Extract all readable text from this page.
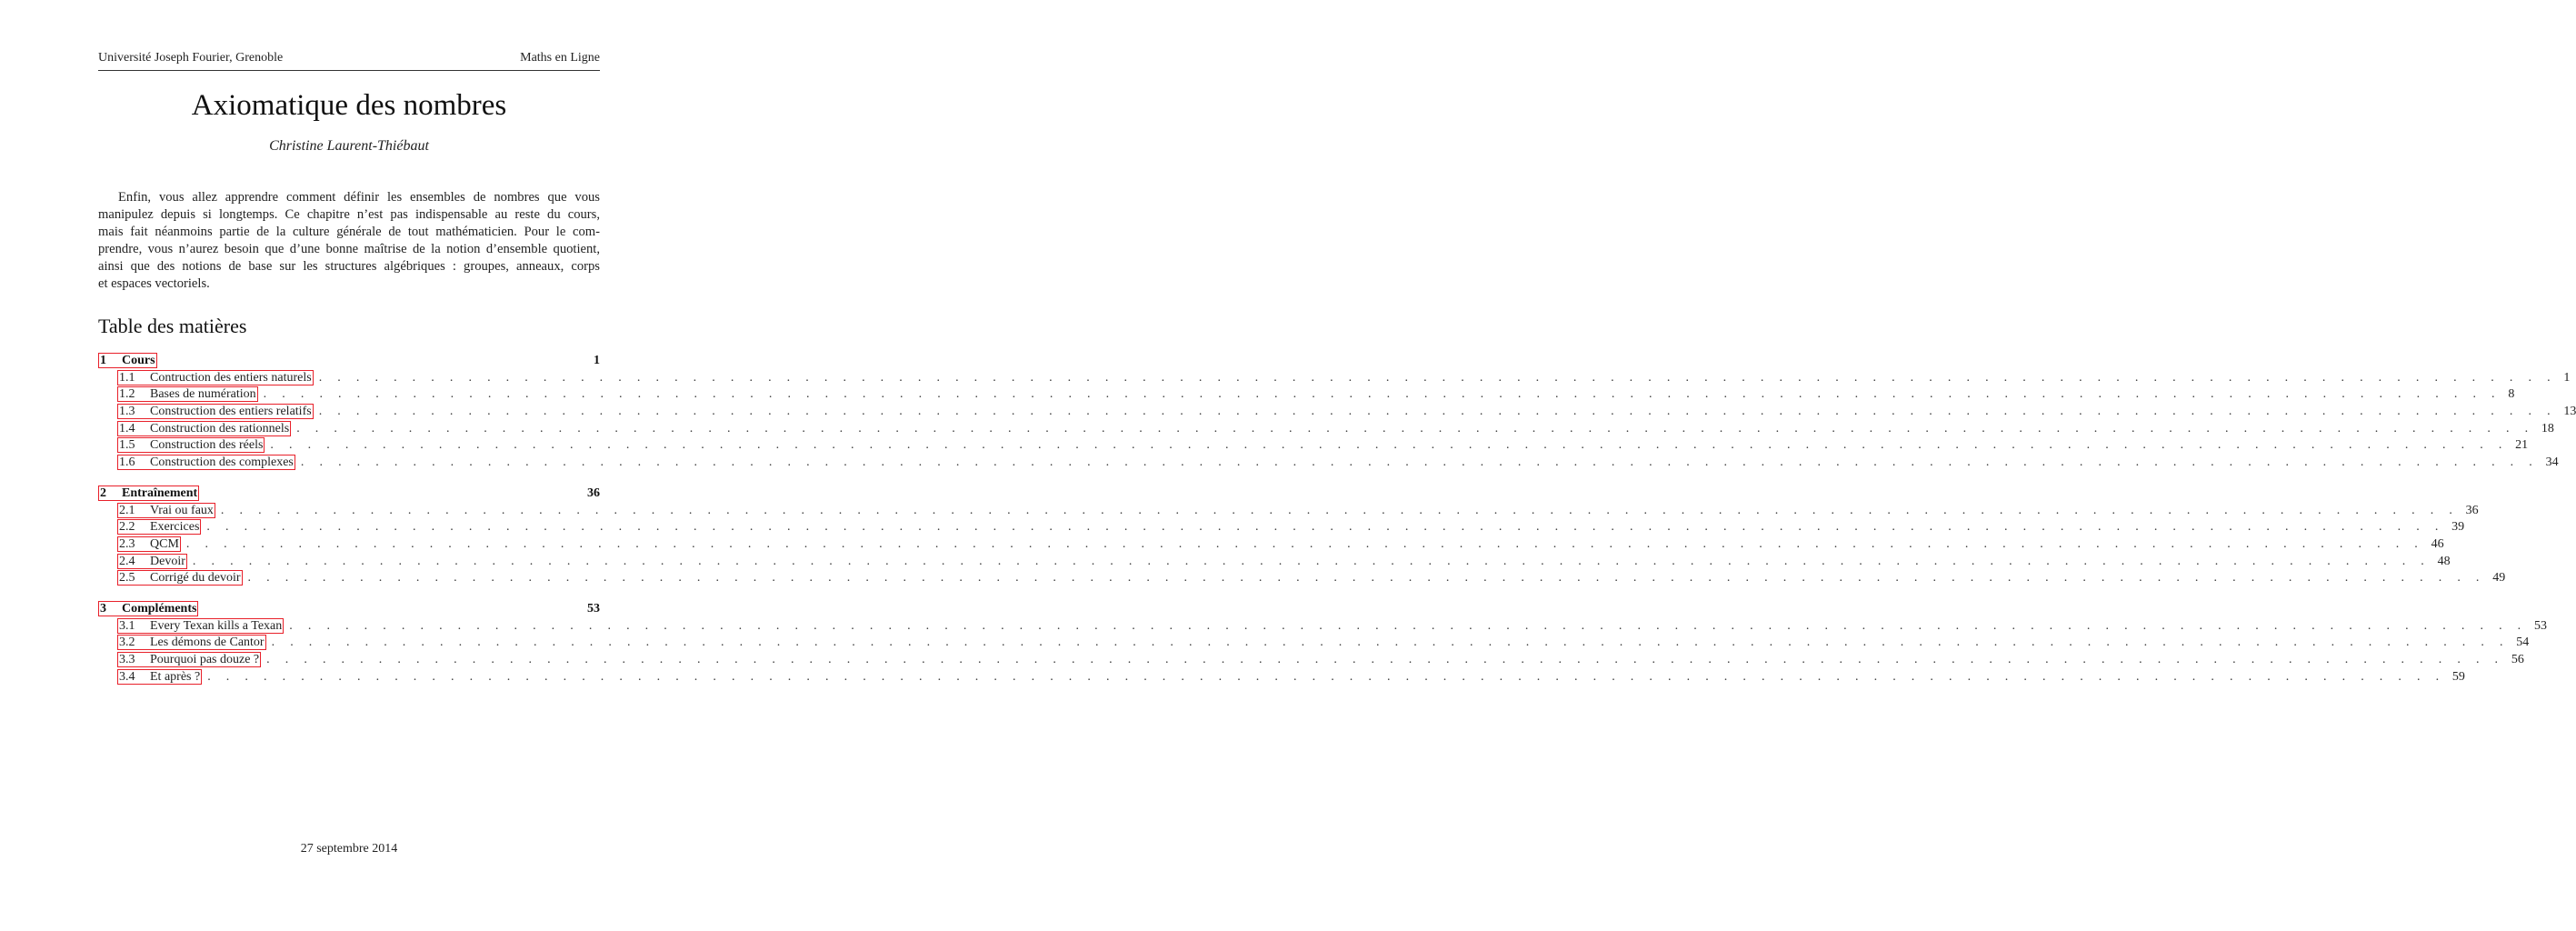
Université Joseph Fourier, Grenoble	Maths en Ligne
Axiomatique des nombres
Christine Laurent-Thiébaut
Enfin, vous allez apprendre comment définir les ensembles de nombres que vous
manipulez depuis si longtemps. Ce chapitre n’est pas indispensable au reste du cours,
mais fait néanmoins partie de la culture générale de tout mathématicien. Pour le com-
prendre, vous n’aurez besoin que d’une bonne maîtrise de la notion d’ensemble quotient,
ainsi que des notions de base sur les structures algébriques : groupes, anneaux, corps
et espaces vectoriels.
Table des matières
1	Cours	1
1.1	Contruction des entiers naturels . . . . . . . . . . . . . . . . . . . . . . . . . . . . . . . . . . . . . . . . . . . . . . . . . . . . . . . . . . . . . . . . . . . . . . . . . . . . . . . . . . . . . . . . . . . . . . . . . . . . . . . . . . . . . . . . . . . . . . . . 1
1.2	Bases de numération . . . . . . . . . . . . . . . . . . . . . . . . . . . . . . . . . . . . . . . . . . . . . . . . . . . . . . . . . . . . . . . . . . . . . . . . . . . . . . . . . . . . . . . . . . . . . . . . . . . . . . . . . . . . . . . . . . . . . . . . 8
1.3	Construction des entiers relatifs . . . . . . . . . . . . . . . . . . . . . . . . . . . . . . . . . . . . . . . . . . . . . . . . . . . . . . . . . . . . . . . . . . . . . . . . . . . . . . . . . . . . . . . . . . . . . . . . . . . . . . . . . . . . . . . . . . . . . . . . 13
1.4	Construction des rationnels . . . . . . . . . . . . . . . . . . . . . . . . . . . . . . . . . . . . . . . . . . . . . . . . . . . . . . . . . . . . . . . . . . . . . . . . . . . . . . . . . . . . . . . . . . . . . . . . . . . . . . . . . . . . . . . . . . . . . . . . 18
1.5	Construction des réels . . . . . . . . . . . . . . . . . . . . . . . . . . . . . . . . . . . . . . . . . . . . . . . . . . . . . . . . . . . . . . . . . . . . . . . . . . . . . . . . . . . . . . . . . . . . . . . . . . . . . . . . . . . . . . . . . . . . . . . . 21
1.6	Construction des complexes . . . . . . . . . . . . . . . . . . . . . . . . . . . . . . . . . . . . . . . . . . . . . . . . . . . . . . . . . . . . . . . . . . . . . . . . . . . . . . . . . . . . . . . . . . . . . . . . . . . . . . . . . . . . . . . . . . . . . . . . 34
2	Entraînement	36
2.1	Vrai ou faux . . . . . . . . . . . . . . . . . . . . . . . . . . . . . . . . . . . . . . . . . . . . . . . . . . . . . . . . . . . . . . . . . . . . . . . . . . . . . . . . . . . . . . . . . . . . . . . . . . . . . . . . . . . . . . . . . . . . . . . . 36
2.2	Exercices . . . . . . . . . . . . . . . . . . . . . . . . . . . . . . . . . . . . . . . . . . . . . . . . . . . . . . . . . . . . . . . . . . . . . . . . . . . . . . . . . . . . . . . . . . . . . . . . . . . . . . . . . . . . . . . . . . . . . . . . 39
2.3	QCM . . . . . . . . . . . . . . . . . . . . . . . . . . . . . . . . . . . . . . . . . . . . . . . . . . . . . . . . . . . . . . . . . . . . . . . . . . . . . . . . . . . . . . . . . . . . . . . . . . . . . . . . . . . . . . . . . . . . . . . . 46
2.4	Devoir . . . . . . . . . . . . . . . . . . . . . . . . . . . . . . . . . . . . . . . . . . . . . . . . . . . . . . . . . . . . . . . . . . . . . . . . . . . . . . . . . . . . . . . . . . . . . . . . . . . . . . . . . . . . . . . . . . . . . . . . 48
2.5	Corrigé du devoir . . . . . . . . . . . . . . . . . . . . . . . . . . . . . . . . . . . . . . . . . . . . . . . . . . . . . . . . . . . . . . . . . . . . . . . . . . . . . . . . . . . . . . . . . . . . . . . . . . . . . . . . . . . . . . . . . . . . . . . . 49
3	Compléments	53
3.1	Every Texan kills a Texan . . . . . . . . . . . . . . . . . . . . . . . . . . . . . . . . . . . . . . . . . . . . . . . . . . . . . . . . . . . . . . . . . . . . . . . . . . . . . . . . . . . . . . . . . . . . . . . . . . . . . . . . . . . . . . . . . . . . . . . . 53
3.2	Les démons de Cantor . . . . . . . . . . . . . . . . . . . . . . . . . . . . . . . . . . . . . . . . . . . . . . . . . . . . . . . . . . . . . . . . . . . . . . . . . . . . . . . . . . . . . . . . . . . . . . . . . . . . . . . . . . . . . . . . . . . . . . . . 54
3.3	Pourquoi pas douze ? . . . . . . . . . . . . . . . . . . . . . . . . . . . . . . . . . . . . . . . . . . . . . . . . . . . . . . . . . . . . . . . . . . . . . . . . . . . . . . . . . . . . . . . . . . . . . . . . . . . . . . . . . . . . . . . . . . . . . . . . 56
3.4	Et après ? . . . . . . . . . . . . . . . . . . . . . . . . . . . . . . . . . . . . . . . . . . . . . . . . . . . . . . . . . . . . . . . . . . . . . . . . . . . . . . . . . . . . . . . . . . . . . . . . . . . . . . . . . . . . . . . . . . . . . . . . 59
27 septembre 2014
